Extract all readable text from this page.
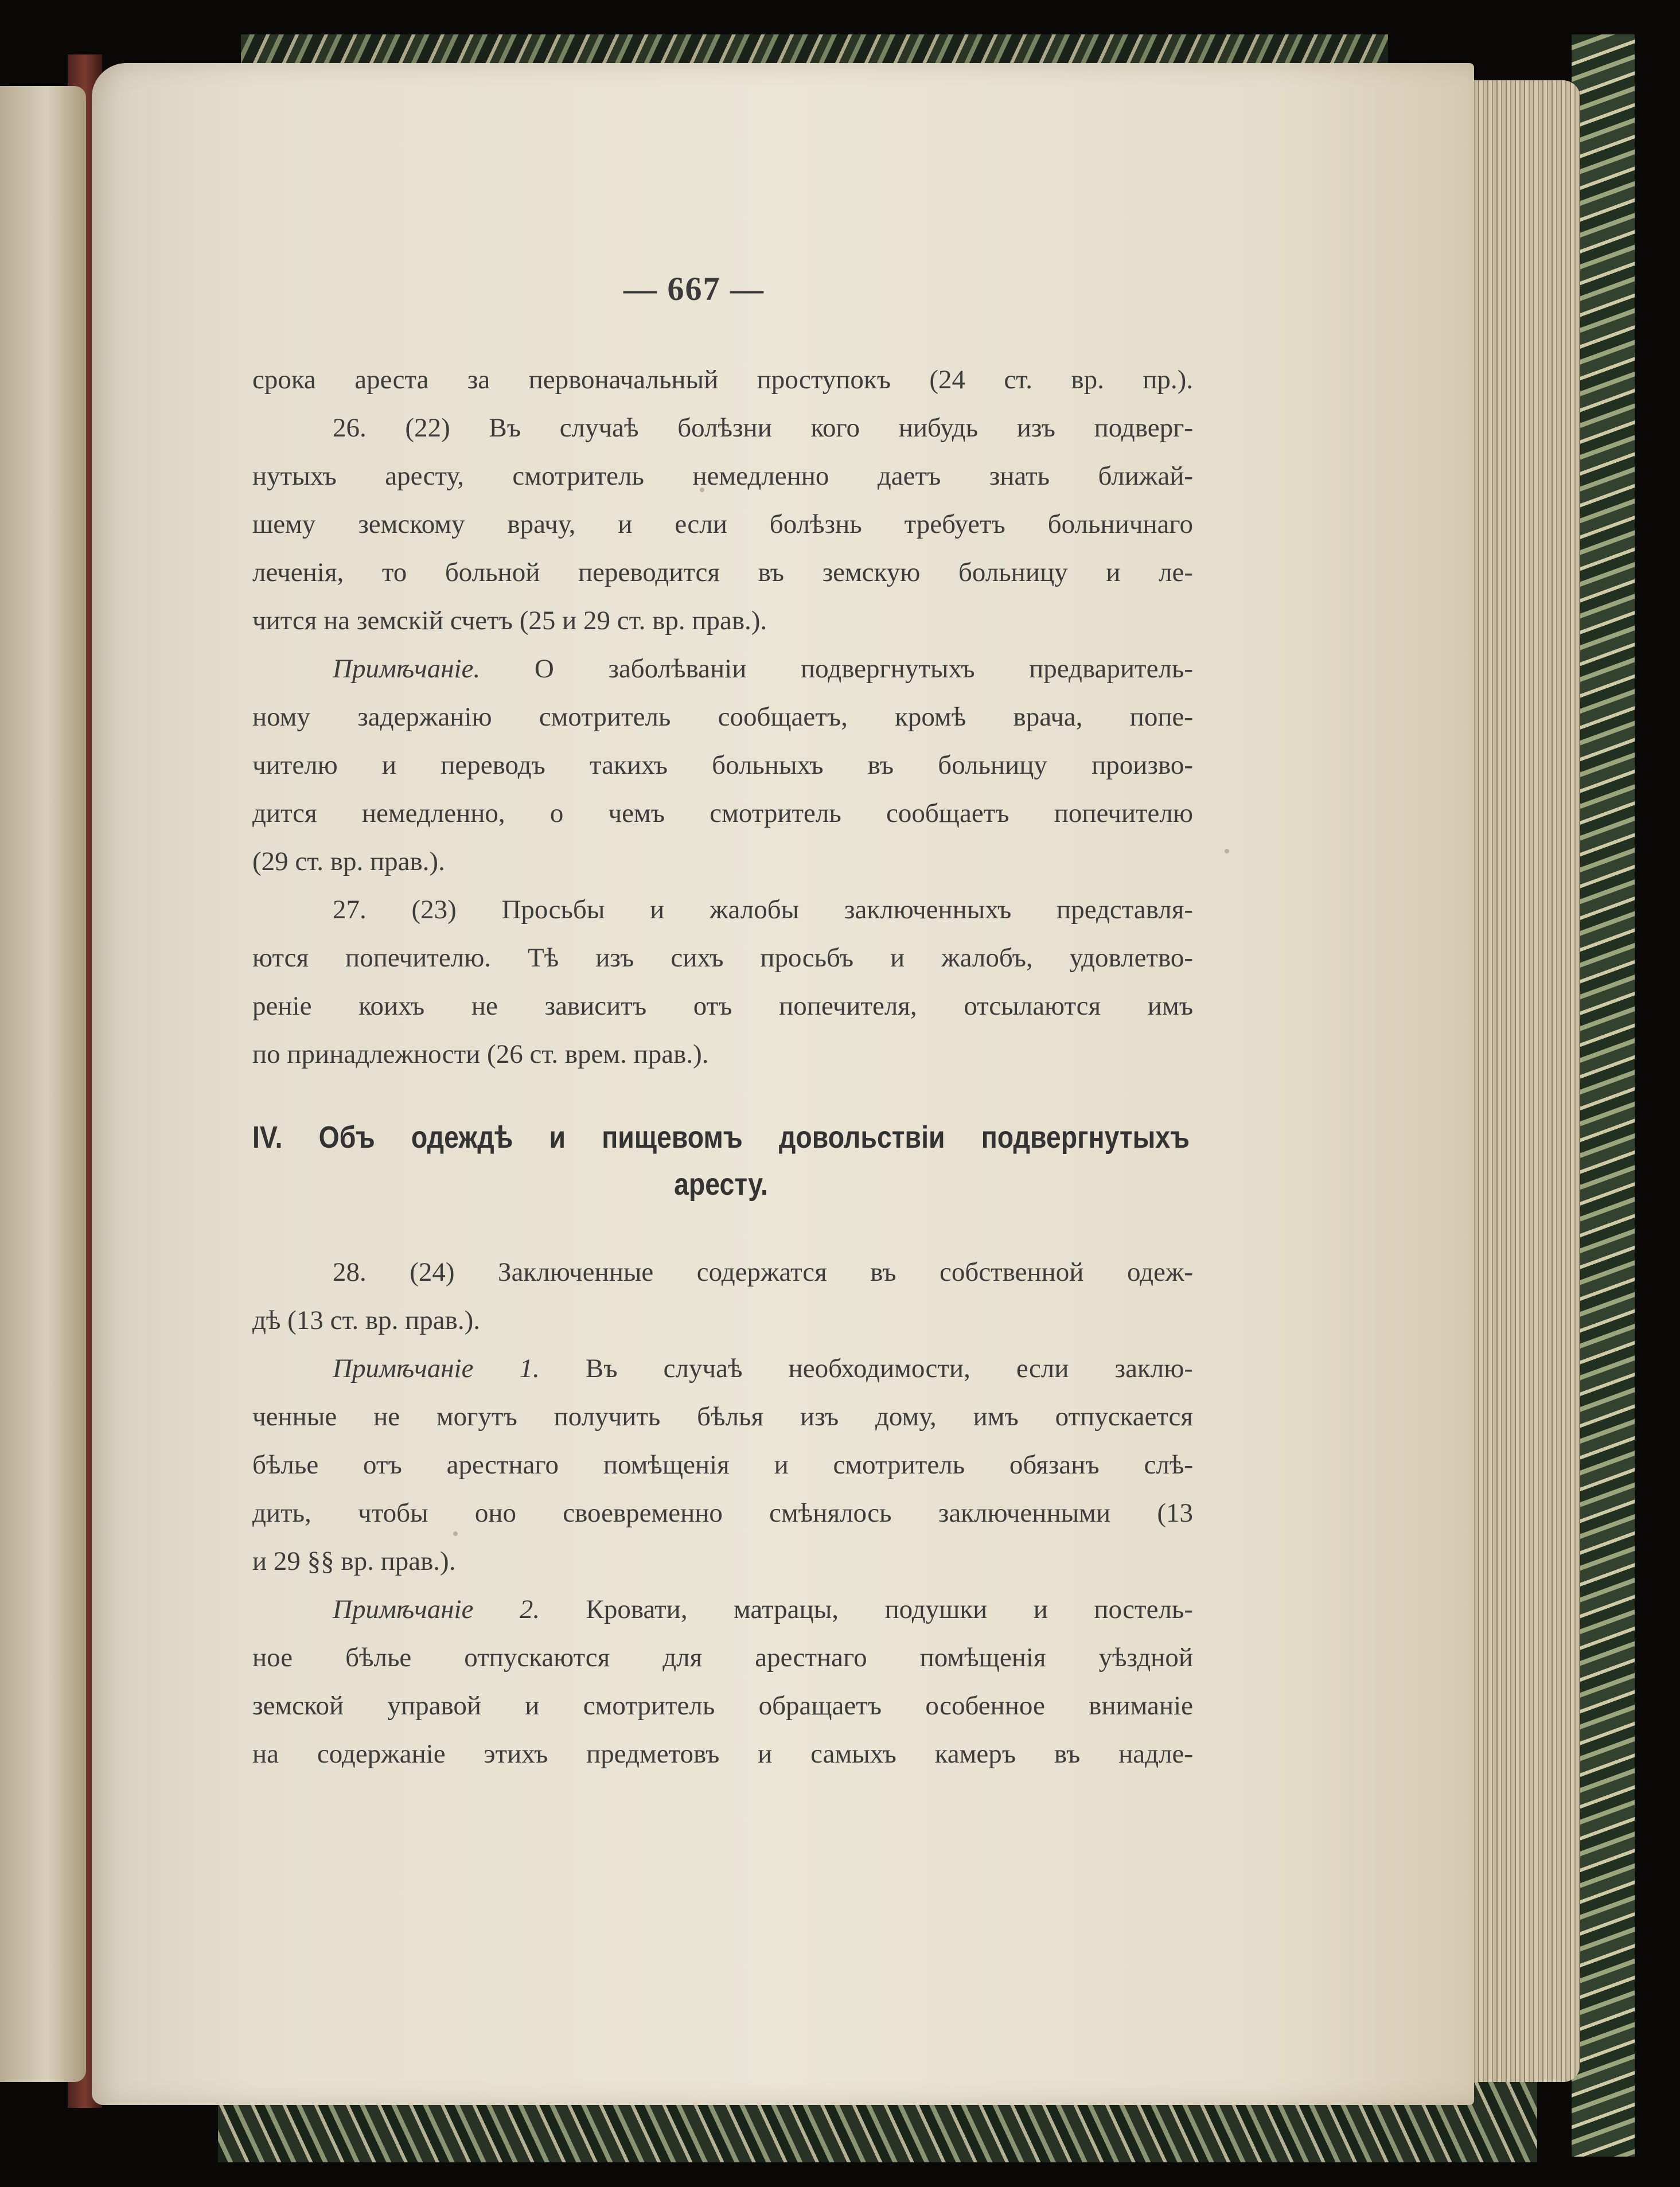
— 667 —

срока ареста за первоначальный проступокъ (24 ст. вр. пр.).

26. (22) Въ случаѣ болѣзни кого нибудь изъ подверг-
нутыхъ аресту, смотритель немедленно даетъ знать ближай-
шему земскому врачу, и если болѣзнь требуетъ больничнаго
леченія, то больной переводится въ земскую больницу и ле-
чится на земскій счетъ (25 и 29 ст. вр. прав.).

Примѣчаніе. О заболѣваніи подвергнутыхъ предваритель-
ному задержанію смотритель сообщаетъ, кромѣ врача, попе-
чителю и переводъ такихъ больныхъ въ больницу произво-
дится немедленно, о чемъ смотритель сообщаетъ попечителю
(29 ст. вр. прав.).

27. (23) Просьбы и жалобы заключенныхъ представля-
ются попечителю. Тѣ изъ сихъ просьбъ и жалобъ, удовлетво-
реніе коихъ не зависитъ отъ попечителя, отсылаются имъ
по принадлежности (26 ст. врем. прав.).

IV. Объ одеждѣ и пищевомъ довольствіи подвергнутыхъ
аресту.

28. (24) Заключенные содержатся въ собственной одеж-
дѣ (13 ст. вр. прав.).

Примѣчаніе 1. Въ случаѣ необходимости, если заклю-
ченные не могутъ получить бѣлья изъ дому, имъ отпускается
бѣлье отъ арестнаго помѣщенія и смотритель обязанъ слѣ-
дить, чтобы оно своевременно смѣнялось заключенными (13
и 29 §§ вр. прав.).

Примѣчаніе 2. Кровати, матрацы, подушки и постель-
ное бѣлье отпускаются для арестнаго помѣщенія уѣздной
земской управой и смотритель обращаетъ особенное вниманіе
на содержаніе этихъ предметовъ и самыхъ камеръ въ надле-
